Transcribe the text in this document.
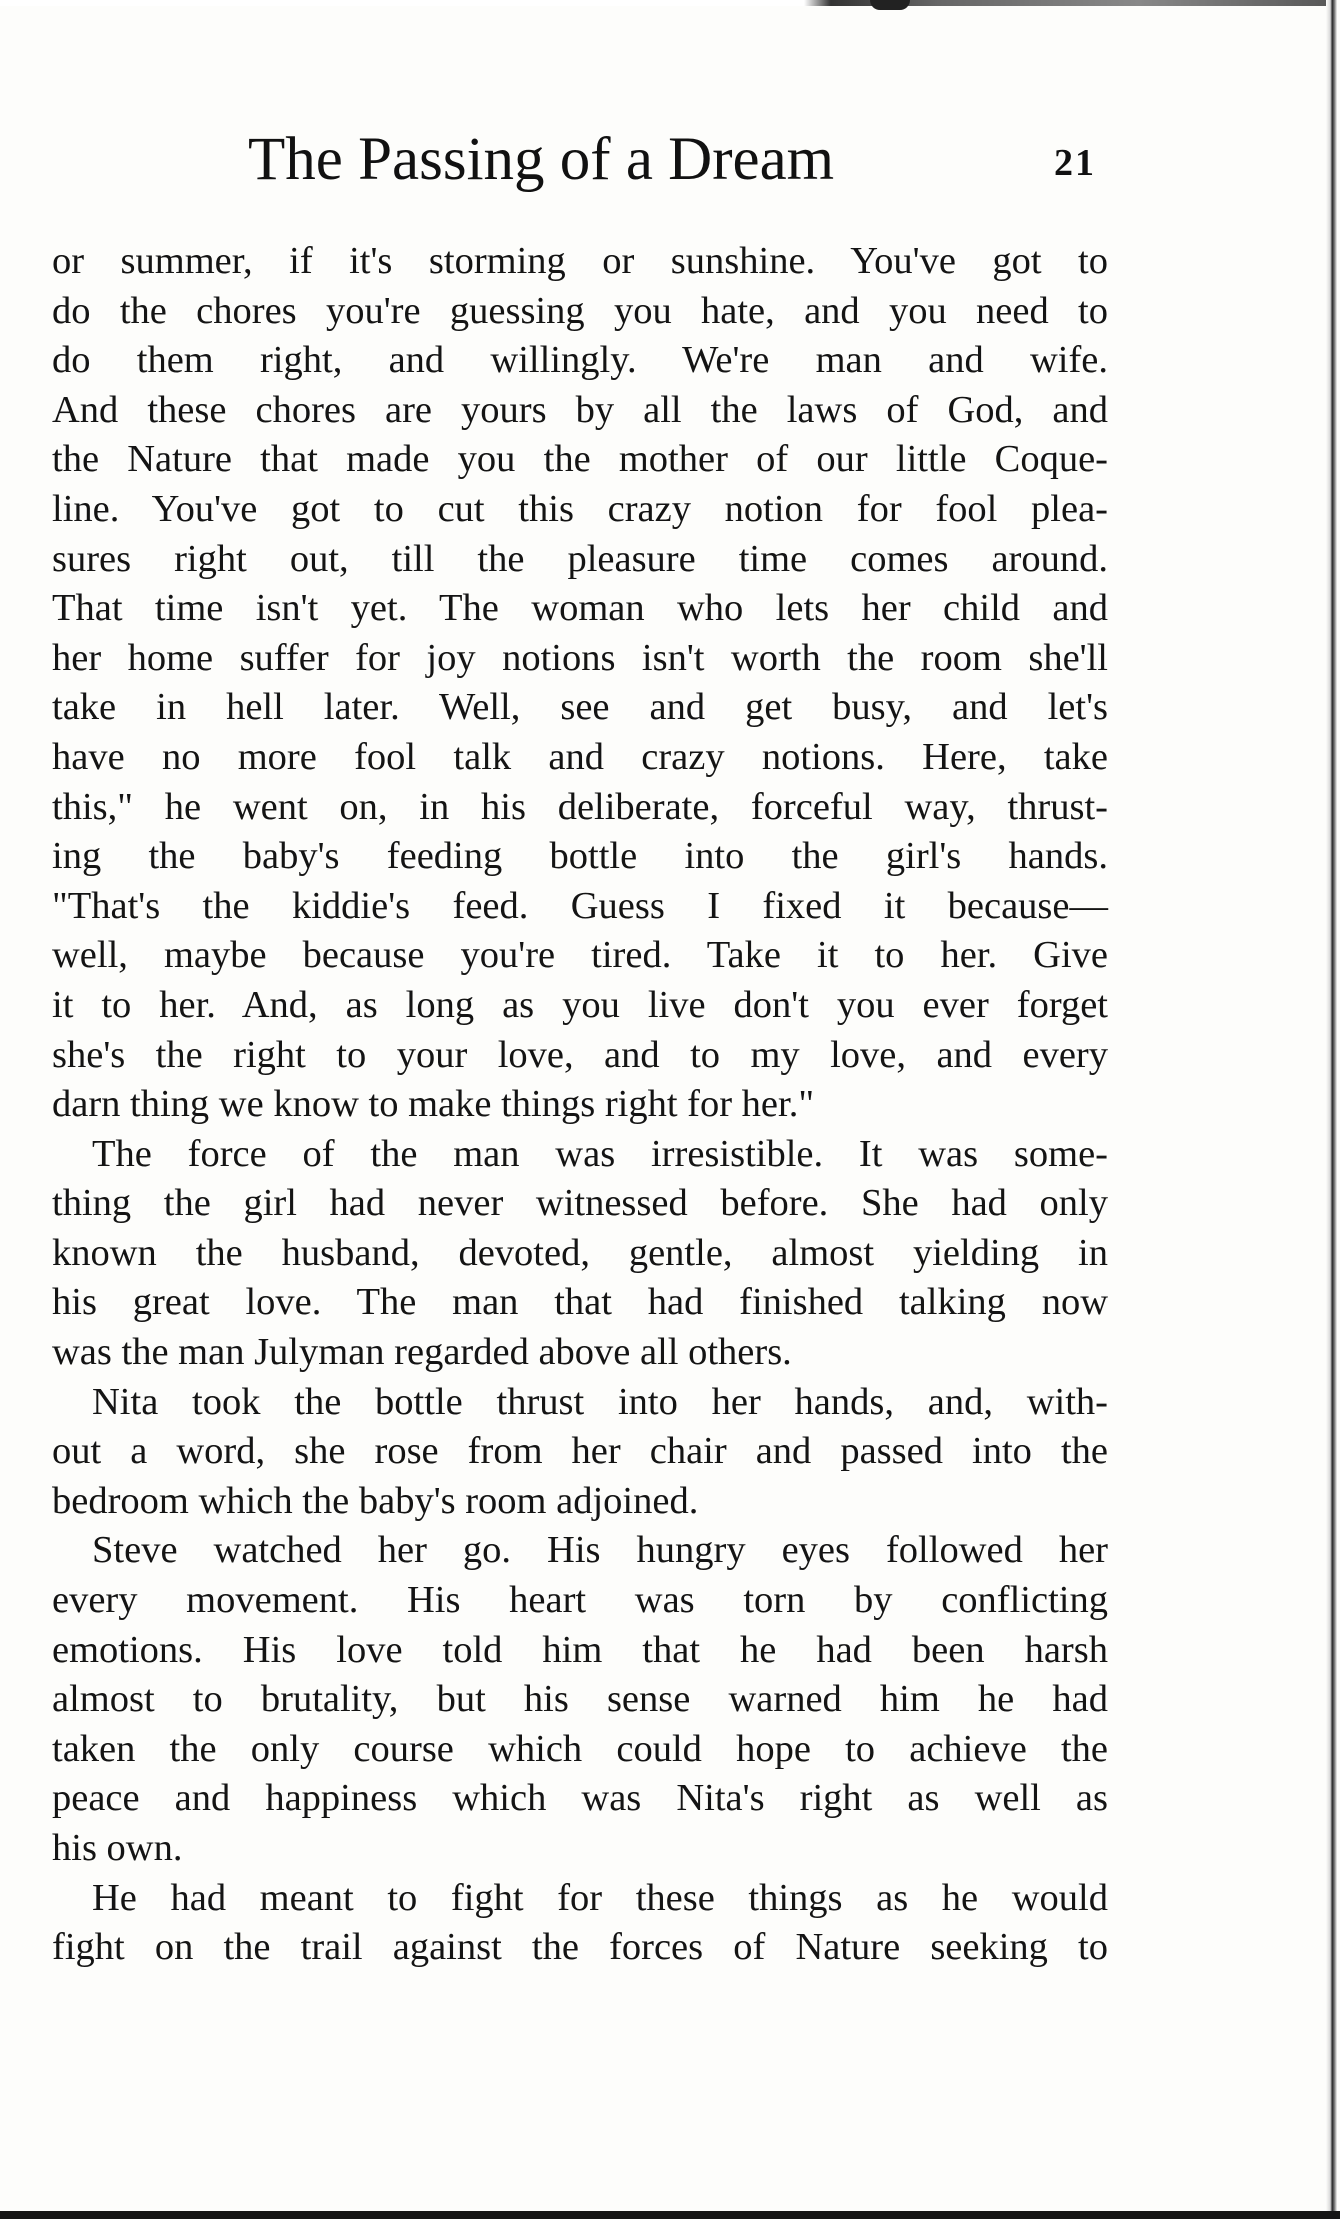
The Passing of a Dream	21
or summer, if it's storming or sunshine. You've got to
do the chores you're guessing you hate, and you need to
do them right, and willingly. We're man and wife.
And these chores are yours by all the laws of God, and
the Nature that made you the mother of our little Coque-
line. You've got to cut this crazy notion for fool plea-
sures right out, till the pleasure time comes around.
That time isn't yet. The woman who lets her child and
her home suffer for joy notions isn't worth the room she'll
take in hell later. Well, see and get busy, and let's
have no more fool talk and crazy notions. Here, take
this," he went on, in his deliberate, forceful way, thrust-
ing the baby's feeding bottle into the girl's hands.
"That's the kiddie's feed. Guess I fixed it because—
well, maybe because you're tired. Take it to her. Give
it to her. And, as long as you live don't you ever forget
she's the right to your love, and to my love, and every
darn thing we know to make things right for her."
The force of the man was irresistible. It was some-
thing the girl had never witnessed before. She had only
known the husband, devoted, gentle, almost yielding in
his great love. The man that had finished talking now
was the man Julyman regarded above all others.
Nita took the bottle thrust into her hands, and, with-
out a word, she rose from her chair and passed into the
bedroom which the baby's room adjoined.
Steve watched her go. His hungry eyes followed her
every movement. His heart was torn by conflicting
emotions. His love told him that he had been harsh
almost to brutality, but his sense warned him he had
taken the only course which could hope to achieve the
peace and happiness which was Nita's right as well as
his own.
He had meant to fight for these things as he would
fight on the trail against the forces of Nature seeking to
